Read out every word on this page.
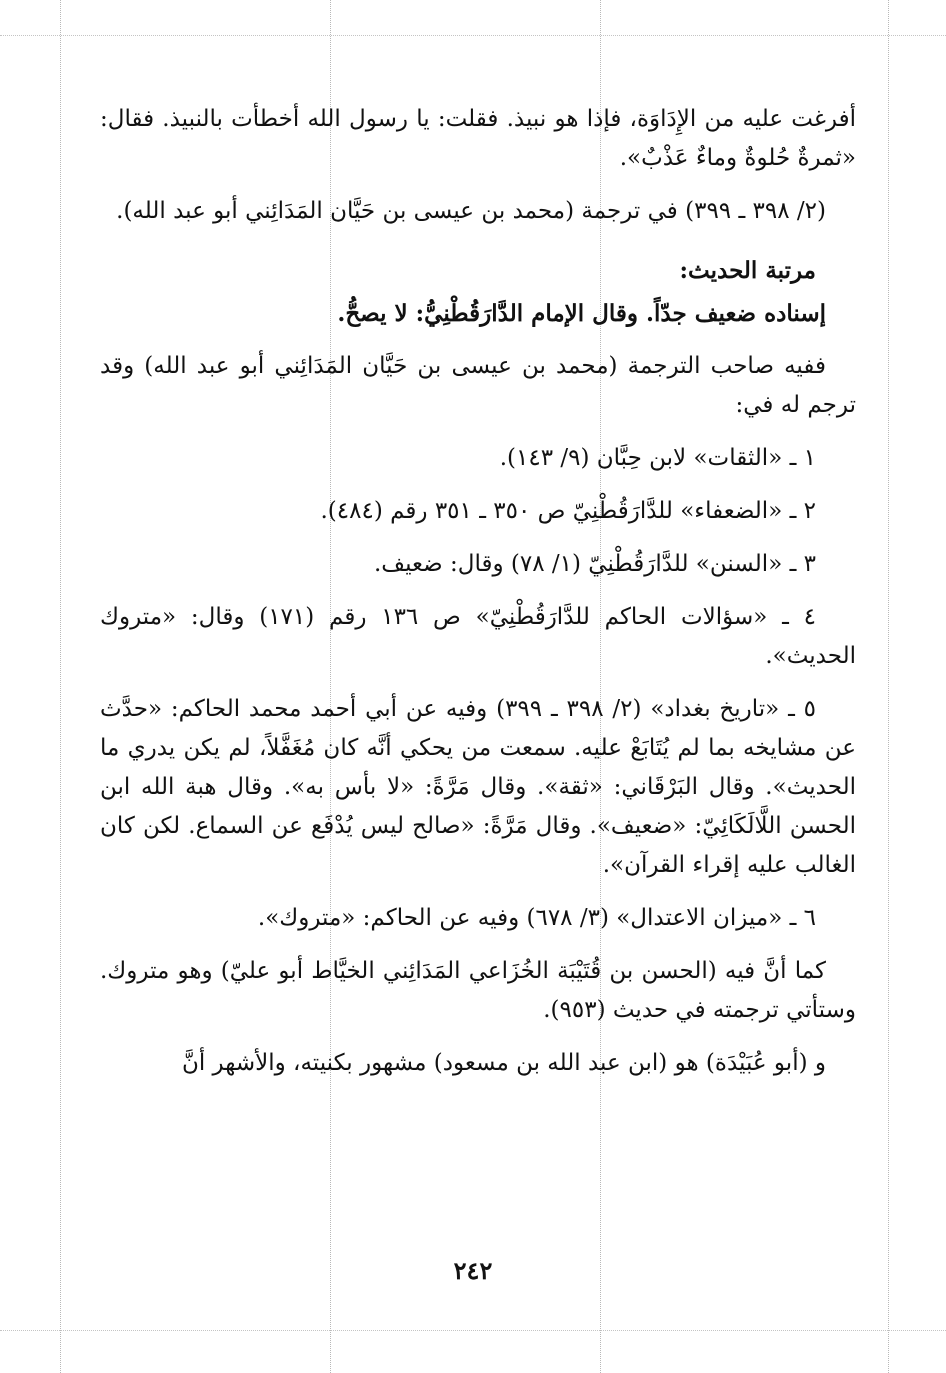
أفرغت عليه من الإِدَاوَة، فإذا هو نبيذ. فقلت: يا رسول الله أخطأت بالنبيذ. فقال: «ثمرةٌ حُلوةٌ وماءٌ عَذْبٌ».

(٢/ ٣٩٨ ـ ٣٩٩) في ترجمة (محمد بن عيسى بن حَيَّان المَدَائِني أبو عبد الله).

مرتبة الحديث:

إسناده ضعيف جدّاً. وقال الإمام الدَّارَقُطْنِيُّ: لا يصحُّ.

ففيه صاحب الترجمة (محمد بن عيسى بن حَيَّان المَدَائِني أبو عبد الله) وقد ترجم له في:

١ ـ «الثقات» لابن حِبَّان (٩/ ١٤٣).

٢ ـ «الضعفاء» للدَّارَقُطْنِيّ ص ٣٥٠ ـ ٣٥١ رقم (٤٨٤).

٣ ـ «السنن» للدَّارَقُطْنِيّ (١/ ٧٨) وقال: ضعيف.

٤ ـ «سؤالات الحاكم للدَّارَقُطْنِيّ» ص ١٣٦ رقم (١٧١) وقال: «متروك الحديث».

٥ ـ «تاريخ بغداد» (٢/ ٣٩٨ ـ ٣٩٩) وفيه عن أبي أحمد محمد الحاكم: «حدَّث عن مشايخه بما لم يُتَابَعْ عليه. سمعت من يحكي أنَّه كان مُغَفَّلاً، لم يكن يدري ما الحديث». وقال البَرْقَاني: «ثقة». وقال مَرَّةً: «لا بأس به». وقال هبة الله ابن الحسن اللَّالَكَائِيّ: «ضعيف». وقال مَرَّةً: «صالح ليس يُدْفَع عن السماع. لكن كان الغالب عليه إقراء القرآن».

٦ ـ «ميزان الاعتدال» (٣/ ٦٧٨) وفيه عن الحاكم: «متروك».

كما أنَّ فيه (الحسن بن قُتَيْبَة الخُزَاعي المَدَائِني الخيَّاط أبو عليّ) وهو متروك. وستأتي ترجمته في حديث (٩٥٣).

و (أبو عُبَيْدَة) هو (ابن عبد الله بن مسعود) مشهور بكنيته، والأشهر أنَّ

٢٤٢
